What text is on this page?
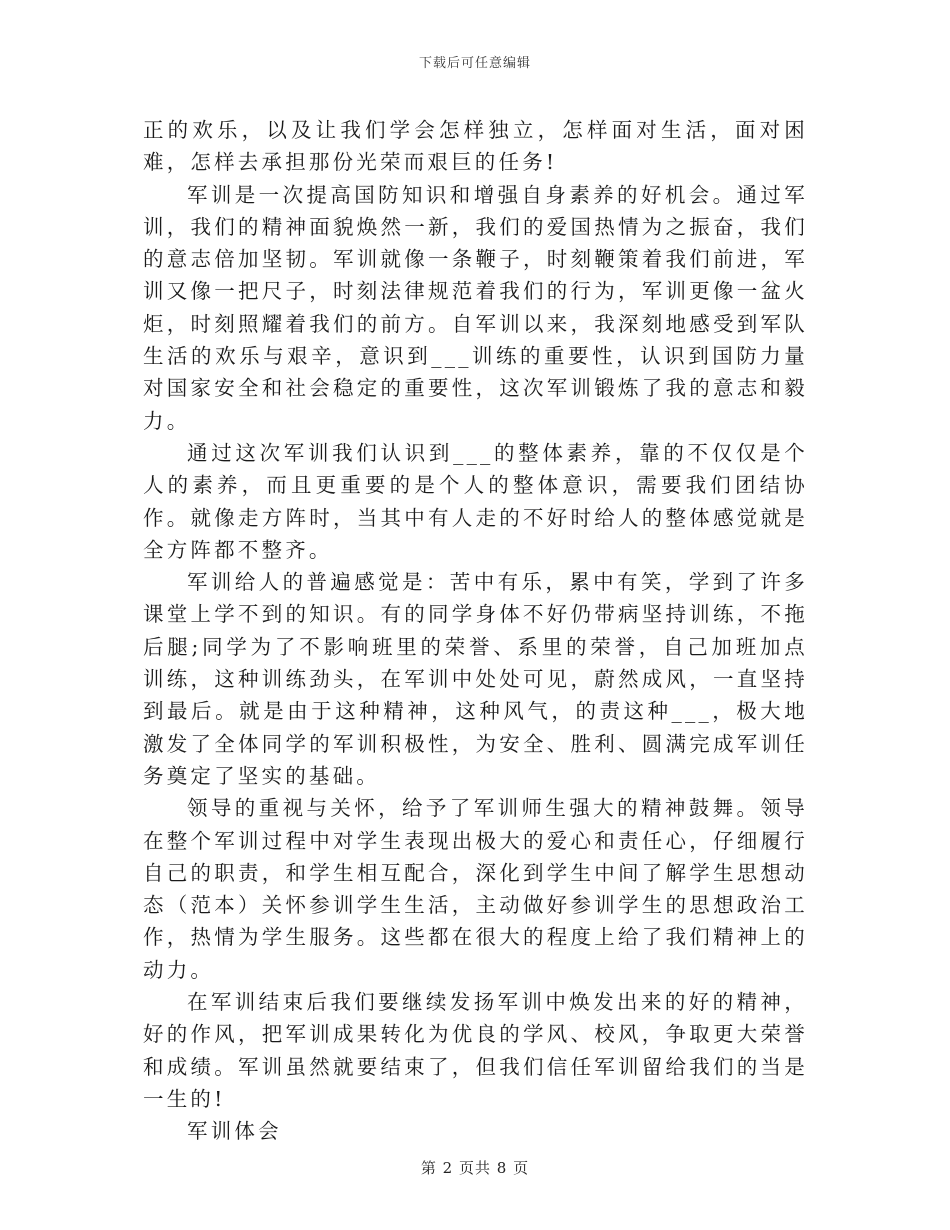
下载后可任意编辑

正的欢乐，以及让我们学会怎样独立，怎样面对生活，面对困难，怎样去承担那份光荣而艰巨的任务!

军训是一次提高国防知识和增强自身素养的好机会。通过军训，我们的精神面貌焕然一新，我们的爱国热情为之振奋，我们的意志倍加坚韧。军训就像一条鞭子，时刻鞭策着我们前进，军训又像一把尺子，时刻法律规范着我们的行为，军训更像一盆火炬，时刻照耀着我们的前方。自军训以来，我深刻地感受到军队生活的欢乐与艰辛，意识到___训练的重要性，认识到国防力量对国家安全和社会稳定的重要性，这次军训锻炼了我的意志和毅力。

通过这次军训我们认识到___的整体素养，靠的不仅仅是个人的素养，而且更重要的是个人的整体意识，需要我们团结协作。就像走方阵时，当其中有人走的不好时给人的整体感觉就是全方阵都不整齐。

军训给人的普遍感觉是：苦中有乐，累中有笑，学到了许多课堂上学不到的知识。有的同学身体不好仍带病坚持训练，不拖后腿;同学为了不影响班里的荣誉、系里的荣誉，自己加班加点训练，这种训练劲头，在军训中处处可见，蔚然成风，一直坚持到最后。就是由于这种精神，这种风气，的责这种___，极大地激发了全体同学的军训积极性，为安全、胜利、圆满完成军训任务奠定了坚实的基础。

领导的重视与关怀，给予了军训师生强大的精神鼓舞。领导在整个军训过程中对学生表现出极大的爱心和责任心，仔细履行自己的职责，和学生相互配合，深化到学生中间了解学生思想动态（范本）关怀参训学生生活，主动做好参训学生的思想政治工作，热情为学生服务。这些都在很大的程度上给了我们精神上的动力。

在军训结束后我们要继续发扬军训中焕发出来的好的精神，好的作风，把军训成果转化为优良的学风、校风，争取更大荣誉和成绩。军训虽然就要结束了，但我们信任军训留给我们的当是一生的!

军训体会

第 2 页共 8 页
